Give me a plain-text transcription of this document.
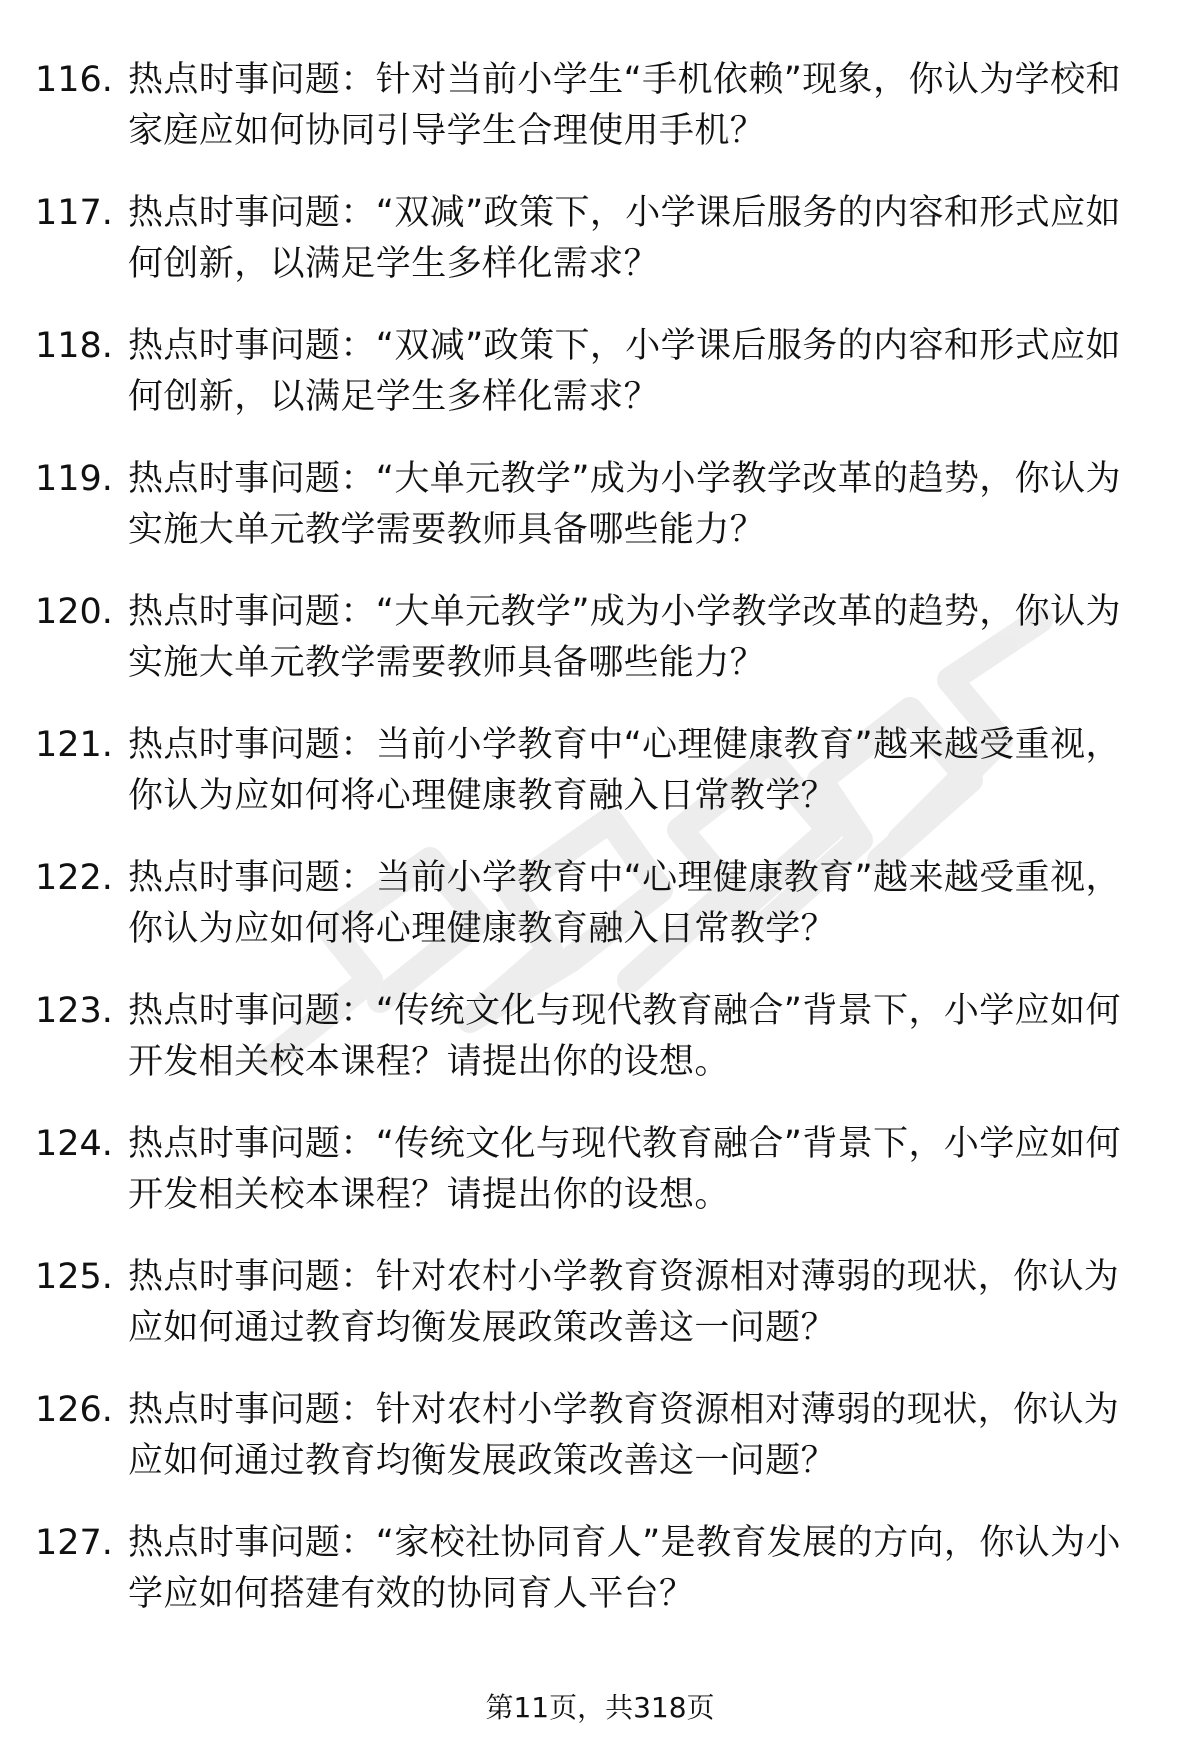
116. 热点时事问题：针对当前小学生“手机依赖”现象，你认为学校和家庭应如何协同引导学生合理使用手机？
117. 热点时事问题：“双减”政策下，小学课后服务的内容和形式应如何创新，以满足学生多样化需求？
118. 热点时事问题：“双减”政策下，小学课后服务的内容和形式应如何创新，以满足学生多样化需求？
119. 热点时事问题：“大单元教学”成为小学教学改革的趋势，你认为实施大单元教学需要教师具备哪些能力？
120. 热点时事问题：“大单元教学”成为小学教学改革的趋势，你认为实施大单元教学需要教师具备哪些能力？
121. 热点时事问题：当前小学教育中“心理健康教育”越来越受重视，你认为应如何将心理健康教育融入日常教学？
122. 热点时事问题：当前小学教育中“心理健康教育”越来越受重视，你认为应如何将心理健康教育融入日常教学？
123. 热点时事问题：“传统文化与现代教育融合”背景下，小学应如何开发相关校本课程？请提出你的设想。
124. 热点时事问题：“传统文化与现代教育融合”背景下，小学应如何开发相关校本课程？请提出你的设想。
125. 热点时事问题：针对农村小学教育资源相对薄弱的现状，你认为应如何通过教育均衡发展政策改善这一问题？
126. 热点时事问题：针对农村小学教育资源相对薄弱的现状，你认为应如何通过教育均衡发展政策改善这一问题？
127. 热点时事问题：“家校社协同育人”是教育发展的方向，你认为小学应如何搭建有效的协同育人平台？
第11页，共318页
